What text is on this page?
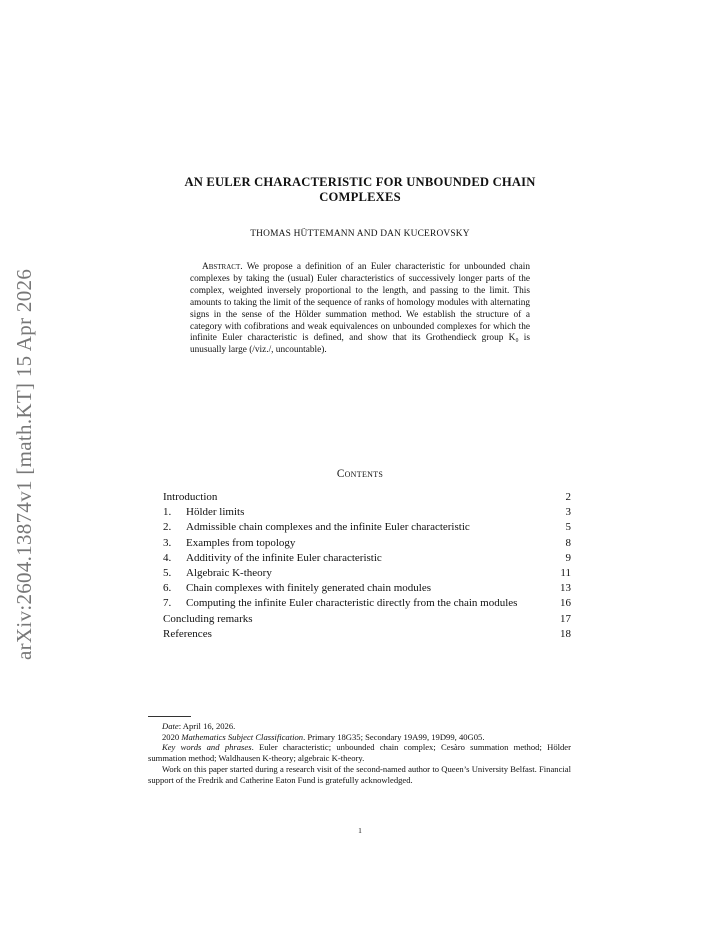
arXiv:2604.13874v1 [math.KT] 15 Apr 2026
AN EULER CHARACTERISTIC FOR UNBOUNDED CHAIN
COMPLEXES
THOMAS HÜTTEMANN AND DAN KUCEROVSKY
Abstract. We propose a definition of an Euler characteristic for unbounded chain complexes by taking the (usual) Euler characteristics of successively longer parts of the complex, weighted inversely proportional to the length, and passing to the limit. This amounts to taking the limit of the sequence of ranks of homology modules with alternating signs in the sense of the Hölder summation method. We establish the structure of a category with cofibrations and weak equivalences on unbounded complexes for which the infinite Euler characteristic is defined, and show that its Grothendieck group K₀ is unusually large (/viz./, uncountable).
Contents
Introduction	2
1.	Hölder limits	3
2.	Admissible chain complexes and the infinite Euler characteristic	5
3.	Examples from topology	8
4.	Additivity of the infinite Euler characteristic	9
5.	Algebraic K-theory	11
6.	Chain complexes with finitely generated chain modules	13
7.	Computing the infinite Euler characteristic directly from the chain modules	16
Concluding remarks	17
References	18

Date: April 16, 2026.

2020 Mathematics Subject Classification. Primary 18G35; Secondary 19A99, 19D99, 40G05.

Key words and phrases. Euler characteristic; unbounded chain complex; Cesàro summation method; Hölder summation method; Waldhausen K-theory; algebraic K-theory.

Work on this paper started during a research visit of the second-named author to Queen’s University Belfast. Financial support of the Fredrik and Catherine Eaton Fund is gratefully acknowledged.

1
